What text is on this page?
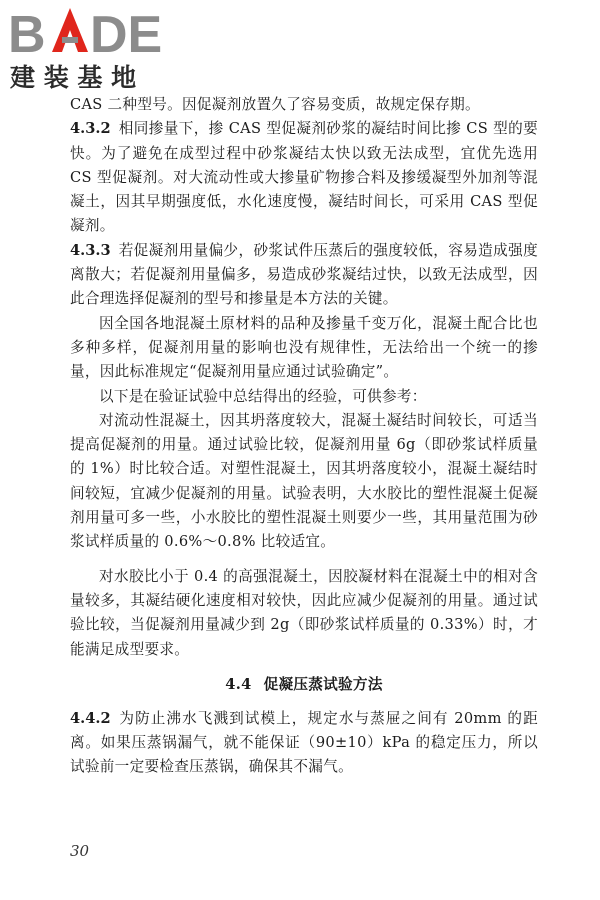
B DE
建 装 基 地

CAS 二种型号。因促凝剂放置久了容易变质，故规定保存期。

4.3.2 相同掺量下，掺 CAS 型促凝剂砂浆的凝结时间比掺 CS 型的要快。为了避免在成型过程中砂浆凝结太快以致无法成型，宜优先选用 CS 型促凝剂。对大流动性或大掺量矿物掺合料及掺缓凝型外加剂等混凝土，因其早期强度低，水化速度慢，凝结时间长，可采用 CAS 型促凝剂。

4.3.3 若促凝剂用量偏少，砂浆试件压蒸后的强度较低，容易造成强度离散大；若促凝剂用量偏多，易造成砂浆凝结过快，以致无法成型，因此合理选择促凝剂的型号和掺量是本方法的关键。

因全国各地混凝土原材料的品种及掺量千变万化，混凝土配合比也多种多样，促凝剂用量的影响也没有规律性，无法给出一个统一的掺量，因此标准规定“促凝剂用量应通过试验确定”。

以下是在验证试验中总结得出的经验，可供参考：

对流动性混凝土，因其坍落度较大，混凝土凝结时间较长，可适当提高促凝剂的用量。通过试验比较，促凝剂用量 6g（即砂浆试样质量的 1%）时比较合适。对塑性混凝土，因其坍落度较小，混凝土凝结时间较短，宜减少促凝剂的用量。试验表明，大水胶比的塑性混凝土促凝剂用量可多一些，小水胶比的塑性混凝土则要少一些，其用量范围为砂浆试样质量的 0.6%～0.8% 比较适宜。

对水胶比小于 0.4 的高强混凝土，因胶凝材料在混凝土中的相对含量较多，其凝结硬化速度相对较快，因此应减少促凝剂的用量。通过试验比较，当促凝剂用量减少到 2g（即砂浆试样质量的 0.33%）时，才能满足成型要求。

4.4 促凝压蒸试验方法

4.4.2 为防止沸水飞溅到试模上，规定水与蒸屉之间有 20mm 的距离。如果压蒸锅漏气，就不能保证（90±10）kPa 的稳定压力，所以试验前一定要检查压蒸锅，确保其不漏气。

30
